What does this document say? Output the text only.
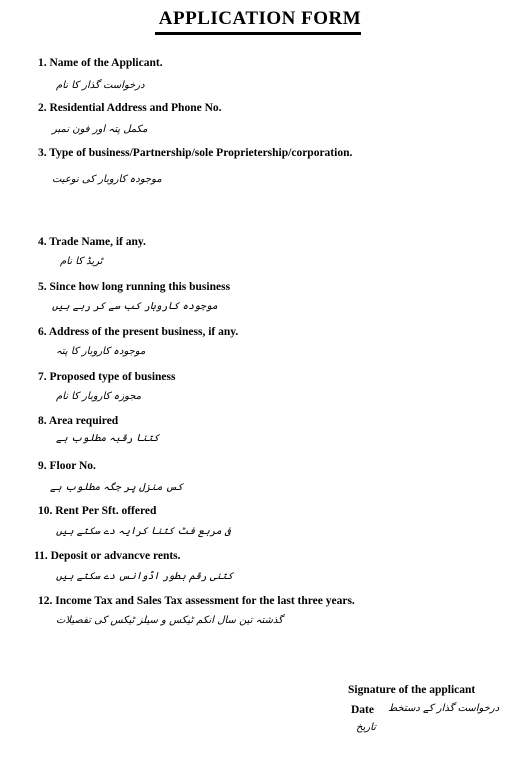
APPLICATION FORM
1. Name of the Applicant.
درخواست گذار کا نام
2. Residential Address and Phone No.
مکمل پتہ اور فون نمبر
3. Type of business/Partnership/sole Proprietership/corporation.
موجودہ کاروبار کی نوعیت
4. Trade Name, if any.
ٹریڈ کا نام
5. Since how long running this business
موجودہ کاروبار کب سے کر رہے ہیں
6. Address of the present business, if any.
موجودہ کاروبار کا پتہ
7. Proposed type of business
مجوزہ کاروبار کا نام
8. Area required
کتنا رقبہ مطلوب ہے
9. Floor No.
کس منزل پر جگہ مطلوب ہے
10. Rent Per Sft. offered
فی مربع فٹ کتنا کرایہ دے سکتے ہیں
11. Deposit or advancve rents.
کتنی رقم بطور اڈوانس دے سکتے ہیں
12. Income Tax and Sales Tax assessment for the last three years.
گذشتہ تین سال انکم ٹیکس و سیلز ٹیکس کی تفصیلات
Signature of the applicant
Date درخواست گذار کے دستخط
تاریخ
